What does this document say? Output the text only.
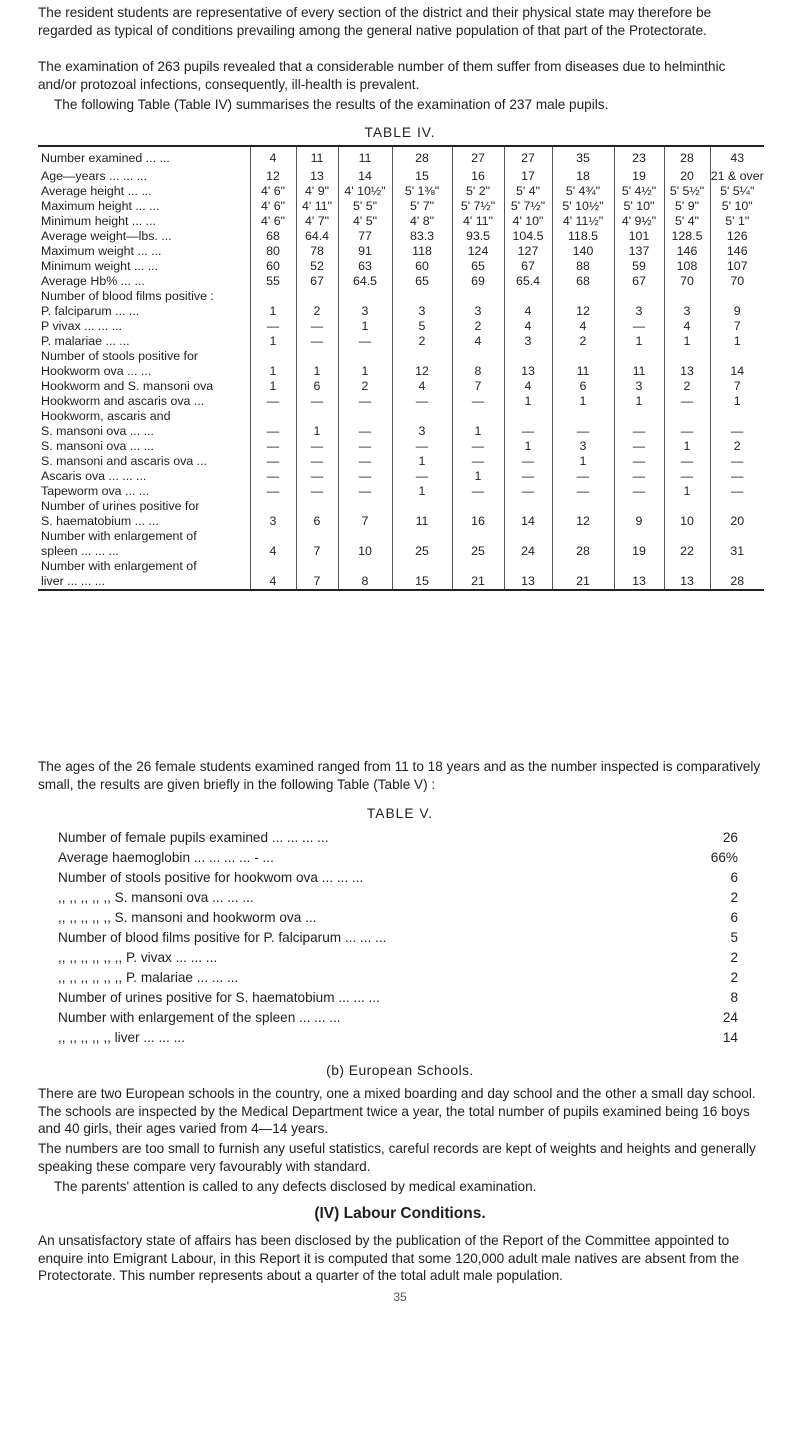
The resident students are representative of every section of the district and their physical state may therefore be regarded as typical of conditions prevailing among the general native population of that part of the Protectorate.

The examination of 263 pupils revealed that a considerable number of them suffer from diseases due to helminthic and/or protozoal infections, consequently, ill-health is prevalent.

The following Table (Table IV) summarises the results of the examination of 237 male pupils.

TABLE IV.
Number examined ... ...	4	11	11	28	27	27	35	23	28	43
Age—years ... ... ...	12	13	14	15	16	17	18	19	20	21 & over
Average height ... ...	4' 6"	4' 9"	4' 10½"	5' 1⅜"	5' 2"	5' 4"	5' 4¾"	5' 4½"	5' 5½"	5' 5¼"
Maximum height ... ...	4' 6"	4' 11"	5' 5"	5' 7"	5' 7½"	5' 7½"	5' 10½"	5' 10"	5' 9"	5' 10"
Minimum height ... ...	4' 6"	4' 7"	4' 5"	4' 8"	4' 11"	4' 10"	4' 11½"	4' 9½"	5' 4"	5' 1"
Average weight—lbs. ...	68	64.4	77	83.3	93.5	104.5	118.5	101	128.5	126
Maximum weight ... ...	80	78	91	118	124	127	140	137	146	146
Minimum weight ... ...	60	52	63	60	65	67	88	59	108	107
Average Hb% ... ...	55	67	64.5	65	69	65.4	68	67	70	70
Number of blood films positive :										
P. falciparum ... ...	1	2	3	3	3	4	12	3	3	9
P vivax ... ... ...	—	—	1	5	2	4	4	—	4	7
P. malariae ... ...	1	—	—	2	4	3	2	1	1	1
Number of stools positive for										
Hookworm ova ... ...	1	1	1	12	8	13	11	11	13	14
Hookworm and S. mansoni ova	1	6	2	4	7	4	6	3	2	7
Hookworm and ascaris ova ...	—	—	—	—	—	1	1	1	—	1
Hookworm, ascaris and										
S. mansoni ova ... ...	—	1	—	3	1	—	—	—	—	—
S. mansoni ova ... ...	—	—	—	—	—	1	3	—	1	2
S. mansoni and ascaris ova ...	—	—	—	1	—	—	1	—	—	—
Ascaris ova ... ... ...	—	—	—	—	1	—	—	—	—	—
Tapeworm ova ... ...	—	—	—	1	—	—	—	—	1	—
Number of urines positive for										
S. haematobium ... ...	3	6	7	11	16	14	12	9	10	20
Number with enlargement of										
spleen ... ... ...	4	7	10	25	25	24	28	19	22	31
Number with enlargement of										
liver ... ... ...	4	7	8	15	21	13	21	13	13	28

The ages of the 26 female students examined ranged from 11 to 18 years and as the number inspected is comparatively small, the results are given briefly in the following Table (Table V) :

TABLE V.
Number of female pupils examined ... ... ... ...	26
Average haemoglobin ... ... ... ... - ...	66%
Number of stools positive for hookwom ova ... ... ...	6
,, ,, ,, ,, ,, S. mansoni ova ... ... ...	2
,, ,, ,, ,, ,, S. mansoni and hookworm ova ...	6
Number of blood films positive for P. falciparum ... ... ...	5
,, ,, ,, ,, ,, ,, P. vivax ... ... ...	2
,, ,, ,, ,, ,, ,, P. malariae ... ... ...	2
Number of urines positive for S. haematobium ... ... ...	8
Number with enlargement of the spleen ... ... ...	24
,, ,, ,, ,, ,, liver ... ... ...	14
(b) European Schools.

There are two European schools in the country, one a mixed boarding and day school and the other a small day school. The schools are inspected by the Medical Department twice a year, the total number of pupils examined being 16 boys and 40 girls, their ages varied from 4—14 years.

The numbers are too small to furnish any useful statistics, careful records are kept of weights and heights and generally speaking these compare very favourably with standard.

The parents' attention is called to any defects disclosed by medical examination.

(IV) Labour Conditions.

An unsatisfactory state of affairs has been disclosed by the publication of the Report of the Committee appointed to enquire into Emigrant Labour, in this Report it is computed that some 120,000 adult male natives are absent from the Protectorate. This number represents about a quarter of the total adult male population.

35
